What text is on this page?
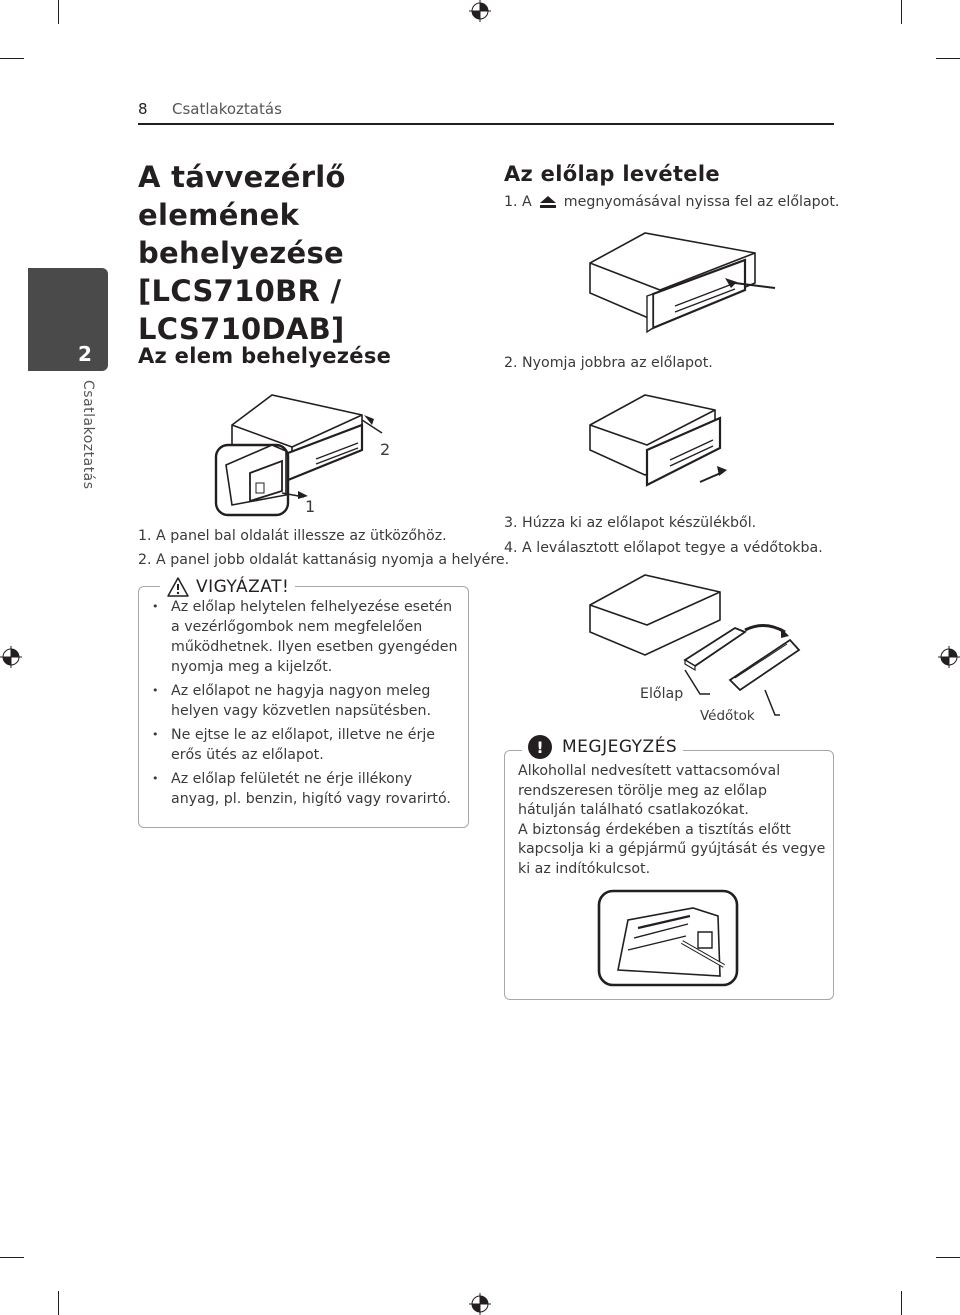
8 Csatlakoztatás
2
Csatlakoztatás
A távvezérlő elemének behelyezése [LCS710BR / LCS710DAB]
Az elem behelyezése
1
2
1. A panel bal oldalát illessze az ütközőhöz.
2. A panel jobb oldalát kattanásig nyomja a helyére.
VIGYÁZAT!
• Az előlap helytelen felhelyezése esetén a vezérlőgombok nem megfelelően működhetnek. Ilyen esetben gyengéden nyomja meg a kijelzőt.
• Az előlapot ne hagyja nagyon meleg helyen vagy közvetlen napsütésben.
• Ne ejtse le az előlapot, illetve ne érje erős ütés az előlapot.
• Az előlap felületét ne érje illékony anyag, pl. benzin, higító vagy rovarirtó.
Az előlap levétele
1. A megnyomásával nyissa fel az előlapot.
2. Nyomja jobbra az előlapot.
3. Húzza ki az előlapot készülékből.
4. A leválasztott előlapot tegye a védőtokba.
Előlap
Védőtok
!	MEGJEGYZÉS
Alkohollal nedvesített vattacsomóval rendszeresen törölje meg az előlap hátulján található csatlakozókat.
A biztonság érdekében a tisztítás előtt kapcsolja ki a gépjármű gyújtását és vegye ki az indítókulcsot.
